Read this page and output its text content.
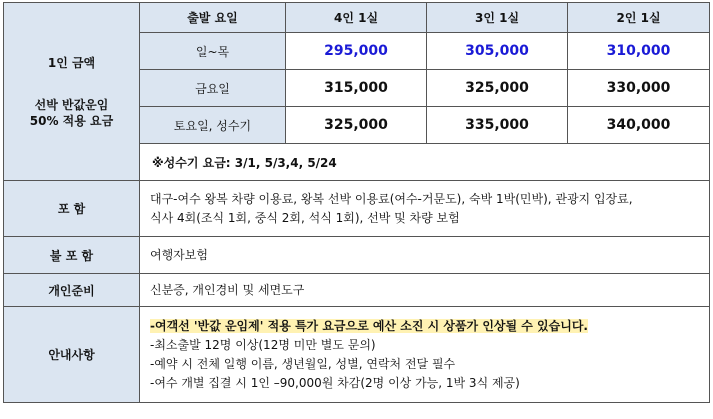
1인 금액
선박 반값운임
50% 적용 요금	출발 요일	4인 1실	3인 1실	2인 1실
	일~목	295,000	305,000	310,000
	금요일	315,000	325,000	330,000
	토요일, 성수기	325,000	335,000	340,000
	※성수기 요금: 3/1, 5/3,4, 5/24			
포 함	대구-여수 왕복 차량 이용료, 왕복 선박 이용료(여수-거문도), 숙박 1박(민박), 관광지 입장료,
식사 4회(조식 1회, 중식 2회, 석식 1회), 선박 및 차량 보험			

불 포 함	여행자보험			
개인준비	신분증, 개인경비 및 세면도구			
안내사항	-여객선 '반값 운임제' 적용 특가 요금으로 예산 소진 시 상품가 인상될 수 있습니다.
-최소출발 12명 이상(12명 미만 별도 문의)
-예약 시 전체 일행 이름, 생년월일, 성별, 연락처 전달 필수
-여수 개별 집결 시 1인 –90,000원 차감(2명 이상 가능, 1박 3식 제공)			
